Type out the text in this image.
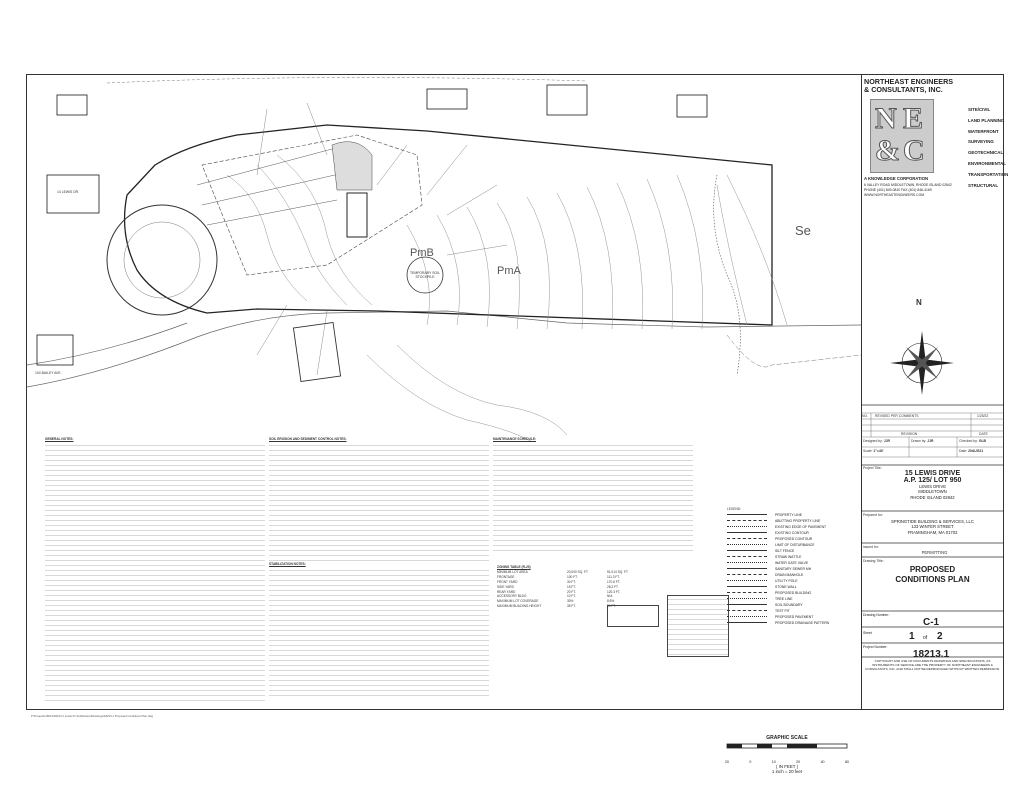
PmB
PmA
Se
14 LEWIS DR.
104 BAILEY AVE.
TEMPORARY SOIL STOCKPILE
GENERAL NOTES:	SOIL EROSION AND SEDIMENT CONTROL NOTES:
STABILIZATION NOTES:
MAINTENANCE SCHEDULE:
ZONING TABLE (R-20)
MINIMUM LOT AREA	20,000 SQ. FT.	51,014 SQ. FT.
FRONTAGE	100 FT.	111.3 FT.
FRONT YARD	30 FT.	170.6 FT.
SIDE YARD	15 FT.	28.2 FT.
REAR YARD	20 FT.	120.3 FT.
ACCESSORY BLDG	10 FT.	N/A
MAXIMUM LOT COVERAGE	30%	8.6%
MAXIMUM BUILDING HEIGHT	35 FT.	30 FT.
LEGEND:
PROPERTY LINE
ABUTTING PROPERTY LINE
EXISTING EDGE OF PAVEMENT
EXISTING CONTOUR
PROPOSED CONTOUR
LIMIT OF DISTURBANCE
SILT FENCE
STRAW WATTLE
WATER GATE VALVE
SANITARY SEWER MH
DRAIN MANHOLE
UTILITY POLE
STONE WALL
PROPOSED BUILDING
TREE LINE
SOIL BOUNDARY
TEST PIT
PROPOSED PAVEMENT
PROPOSED DRAINAGE PATTERN
GRAPHIC SCALE
20	0	10	20	40	80
( IN FEET )
1 inch = 20 feet
P:\Projects\18213\18213.1 Lewis Dr Subdivision\Drawings\18213.1 Proposed Conditions Plan.dwg
N
NORTHEAST ENGINEERS
& CONSULTANTS, INC.
N E
& C
SITE/CIVIL
LAND PLANNING
WATERFRONT
SURVEYING
GEOTECHNICAL
ENVIRONMENTAL
TRANSPORTATION
STRUCTURAL
A KNOWLEDGE CORPORATION
6 VALLEY ROAD MIDDLETOWN, RHODE ISLAND 02842
PHONE (401) 849-0810 FAX (401) 846-4169
WWW.NORTHEASTENGINEERS.COM
NO.
REVISION	DATE
REVISED PER COMMENTS	1/25/22
Designed by: JJR	Drawn by: JJR	Checked by: GLB
Scale: 1"=40'	Date: 20AUG21
Project Title:
15 LEWIS DRIVE
A.P. 125/ LOT 950
LEWIS DRIVE
MIDDLETOWN
RHODE ISLAND 02842
Prepared for:
SPRINGTIDE BUILDING & SERVICES, LLC
133 WINTER STREET
FRAMINGHAM, MA 01702
Issued for:
PERMITTING
Drawing Title:
PROPOSED
CONDITIONS PLAN
Drawing Number:
C-1
Sheet	1 of 2
Project Number:
18213.1
COPYRIGHT AND USE OF DOCUMENTS DRAWINGS AND SPECIFICATIONS, AS INSTRUMENTS OF SERVICE ARE THE PROPERTY OF NORTHEAST ENGINEERS & CONSULTANTS, INC. AND SHALL NOT BE REPRODUCED WITHOUT WRITTEN PERMISSION.
